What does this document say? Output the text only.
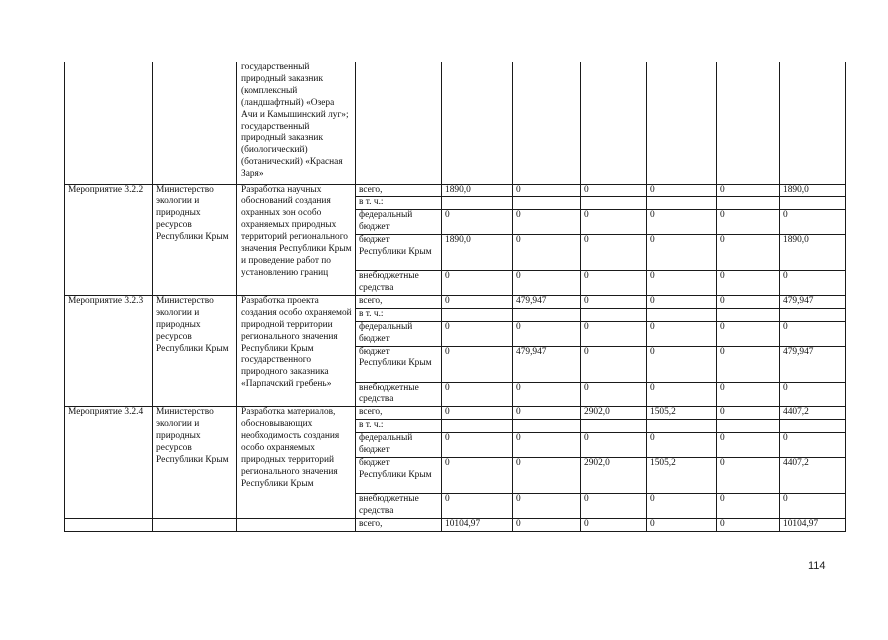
		государственный природный заказник (комплексный (ландшафтный) «Озера Ачи и Камышинский луг»; государственный природный заказник (биологический) (ботанический) «Красная Заря»							
Мероприятие 3.2.2	Министерство экологии и природных ресурсов Республики Крым	Разработка научных обоснований создания охранных зон особо охраняемых природных территорий регионального значения Республики Крым и проведение работ по установлению границ	всего,	1890,0	0	0	0	0	1890,0
			в т. ч.:						
			федеральный бюджет	0	0	0	0	0	0
			бюджет Республики Крым	1890,0	0	0	0	0	1890,0
			внебюджетные средства	0	0	0	0	0	0
Мероприятие 3.2.3	Министерство экологии и природных ресурсов Республики Крым	Разработка проекта создания особо охраняемой природной территории регионального значения Республики Крым государственного природного заказника «Парпачский гребень»	всего,	0	479,947	0	0	0	479,947
			в т. ч.:						
			федеральный бюджет	0	0	0	0	0	0
			бюджет Республики Крым	0	479,947	0	0	0	479,947
			внебюджетные средства	0	0	0	0	0	0
Мероприятие 3.2.4	Министерство экологии и природных ресурсов Республики Крым	Разработка материалов, обосновывающих необходимость создания особо охраняемых природных территорий регионального значения Республики Крым	всего,	0	0	2902,0	1505,2	0	4407,2
			в т. ч.:						
			федеральный бюджет	0	0	0	0	0	0
			бюджет Республики Крым	0	0	2902,0	1505,2	0	4407,2
			внебюджетные средства	0	0	0	0	0	0
			всего,	10104,97	0	0	0	0	10104,97
114
